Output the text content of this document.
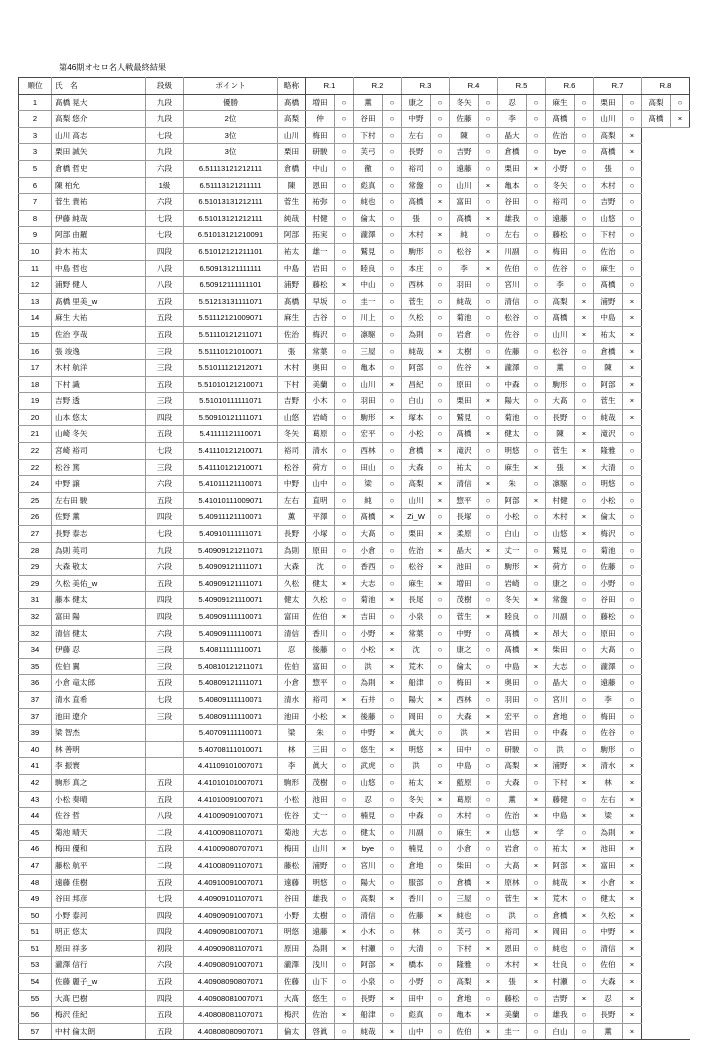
第46期オセロ名人戦最終結果
順位	氏　名	段級	ポイント	略称	R.1		R.2		R.3		R.4		R.5		R.6		R.7		R.8	
1	髙橋 晃大	九段	優勝	髙橋	増田	○	薫	○	康之	○	冬矢	○	忍	○	麻生	○	栗田	○	高梨	○
2	高梨 悠介	九段	2位	高梨	仲	○	谷田	○	中野	○	佐藤	○	李	○	髙橋	○	山川	○	髙橋	×
3	山川 高志	七段	3位	山川	梅田	○	下村	○	左右	○	陳	○	晶大	○	佐治	○	高梨	×		
3	栗田 誠矢	九段	3位	栗田	研駿	○	芙弓	○	長野	○	吉野	○	倉橋	○	bye	○	髙橋	×		
5	倉橋 哲史	六段	6.51113121212111	倉橋	中山	○	徹	○	裕司	○	遠藤	○	栗田	×	小野	○	張	○		
6	陳 柏允	1級	6.51113121211111	陳	恩田	○	彪真	○	常盤	○	山川	×	亀本	○	冬矢	○	木村	○		
7	菅生 貴祐	六段	6.51013131212111	菅生	祐弥	○	純也	○	高橋	×	富田	○	谷田	○	裕司	○	吉野	○		
8	伊藤 純哉	七段	6.51013121212111	純哉	村健	○	倫太	○	張	○	高橋	×	雄我	○	遠藤	○	山悠	○		
9	阿部 由羅	七段	6.51013121210091	阿部	拓実	○	瀧澤	○	木村	×	純	○	左右	○	藤松	○	下村	○		
10	鈴木 祐太	四段	6.51012121211101	祐太	雄一	○	鷲見	○	駒形	○	松谷	×	川副	○	梅田	○	佐治	○		
11	中島 哲也	八段	6.50913121111111	中島	岩田	○	睦良	○	本庄	○	李	×	佐伯	○	佐谷	○	麻生	○		
12	浦野 健人	八段	6.50912111111101	浦野	藤松	×	中山	○	西林	○	羽田	○	宮川	○	李	○	髙橋	○		
13	髙橋 里美_w	五段	5.51213131111071	髙橋	早坂	○	圭一	○	菅生	○	純哉	○	清信	○	高梨	×	浦野	×		
14	麻生 大祐	五段	5.51112121009071	麻生	古谷	○	川上	○	久松	○	菊池	○	松谷	○	髙橋	×	中島	×		
15	佐治 亨哉	五段	5.51110121211071	佐治	梅沢	○	凛駆	○	為則	○	岩倉	○	佐谷	○	山川	×	祐太	×		
16	張 竣逸	三段	5.51110121010071	張	常葉	○	三屋	○	純哉	×	太樹	○	佐藤	○	松谷	○	倉橋	×		
17	木村 航洋	三段	5.51011121212071	木村	奥田	○	亀本	○	阿部	○	佐谷	×	瀧澤	○	薫	○	陳	×		
18	下村 識	五段	5.51010121210071	下村	美蘭	○	山川	×	昌紀	○	原田	○	中森	○	駒形	○	阿部	×		
19	吉野 透	三段	5.51010111111071	吉野	小木	○	羽田	○	白山	○	栗田	×	陽大	○	大髙	○	菅生	×		
20	山本 悠太	四段	5.50910121111071	山悠	岩崎	○	駒形	×	塚本	○	鷲見	○	菊池	○	長野	○	純哉	×		
21	山崎 冬矢	五段	5.41111121110071	冬矢	葛原	○	宏平	○	小松	○	髙橋	×	健太	○	陳	×	滝沢	○		
22	宮崎 裕司	七段	5.41110121210071	裕司	清水	○	西林	○	倉橋	×	滝沢	○	明悠	○	菅生	×	隆雅	○		
22	松谷 篤	三段	5.41110121210071	松谷	荷方	○	田山	○	大森	○	祐太	○	麻生	×	張	×	大清	○		
24	中野 譲	六段	5.41011121110071	中野	山中	○	梁	○	高梨	×	清信	×	朱	○	凛駆	○	明悠	○		
25	左右田 駿	五段	5.41010111009071	左右	直明	○	純	○	山川	×	惣平	○	阿部	×	村健	○	小松	○		
26	佐野 薫	四段	5.40911121110071	薫	平澤	○	髙橋	×	Zi_W	○	長塚	○	小松	○	木村	×	倫太	○		
27	長野 泰志	七段	5.40910111111071	長野	小塚	○	大髙	○	栗田	×	柔原	○	白山	○	山悠	×	梅沢	○		
28	為則 英司	九段	5.40909121211071	為則	原田	○	小倉	○	佐治	×	晶大	×	丈一	○	鷲見	○	菊池	○		
29	大森 敬太	六段	5.40909121111071	大森	沈	○	香西	○	松谷	×	池田	○	駒形	×	荷方	○	佐藤	○		
29	久松 美佑_w	五段	5.40909121111071	久松	健太	×	大志	○	麻生	×	増田	○	岩崎	○	康之	○	小野	○		
31	藤本 健太	四段	5.40909121110071	健太	久松	○	菊池	×	長尾	○	茂樹	○	冬矢	×	常盤	○	谷田	○		
32	富田 陽	四段	5.40909111110071	富田	佐伯	×	吉田	○	小泉	○	菅生	×	睦良	○	川副	○	藤松	○		
32	清信 健太	六段	5.40909111110071	清信	香川	○	小野	×	常葉	○	中野	○	髙橋	×	昂大	○	原田	○		
34	伊藤 忍	三段	5.40811111110071	忍	後藤	○	小松	×	沈	○	康之	○	髙橋	×	柴田	○	大髙	○		
35	佐伯 翼	三段	5.40810121211071	佐伯	富田	○	洪	×	荒木	○	倫太	○	中島	×	大志	○	瀧澤	○		
36	小倉 竜太郎	五段	5.40809121111071	小倉	惣平	○	為則	×	船津	○	梅田	×	奥田	○	晶大	○	遠藤	○		
37	清水 直希	七段	5.40809111110071	清水	裕司	×	石井	○	陽大	×	西林	○	羽田	○	宮川	○	李	○		
37	池田 遼介	三段	5.40809111110071	池田	小松	×	後藤	○	岡田	○	大森	×	宏平	○	倉地	○	梅田	○		
39	梁 智杰		5.40709111110071	梁	朱	○	中野	×	眞大	○	洪	×	岩田	○	中森	○	佐谷	○		
40	林 善明		5.40708111010071	林	三田	○	悠生	×	明悠	×	田中	○	研駿	○	洪	○	駒形	○		
41	李 振寰		4.41109101007071	李	眞大	○	武虎	○	洪	○	中島	○	高梨	×	浦野	×	清水	×		
42	駒形 真之	五段	4.41010101007071	駒形	茂樹	○	山悠	○	祐太	×	藍原	○	大森	○	下村	×	林	×		
43	小松 奏晴	五段	4.41010091007071	小松	池田	○	忍	○	冬矢	×	葛原	○	薫	×	藤健	○	左右	×		
44	佐谷 哲	八段	4.41009091007071	佐谷	丈一	○	楠見	○	中森	○	木村	○	佐治	×	中島	×	梁	×		
45	菊池 晴天	二段	4.41009081107071	菊池	大志	○	健太	○	川副	○	麻生	×	山悠	×	学	○	為則	×		
46	梅田 優和	五段	4.41009080707071	梅田	山川	×	bye	○	楠見	○	小倉	○	岩倉	○	祐太	×	池田	×		
47	藤松 航平	二段	4.41008091107071	藤松	浦野	○	宮川	○	倉地	○	柴田	○	大髙	×	阿部	×	富田	×		
48	遠藤 佳樹	五段	4.40910091007071	遠藤	明悠	○	陽大	○	服部	○	倉橋	×	原林	○	純哉	×	小倉	×		
49	谷田 邦彦	七段	4.40909101107071	谷田	雄我	○	高梨	×	香川	○	三屋	○	菅生	×	荒木	○	健太	×		
50	小野 泰河	四段	4.40909091007071	小野	太樹	○	清信	○	佐藤	×	純也	○	洪	○	倉橋	×	久松	×		
51	明正 悠太	四段	4.40909081007071	明悠	遠藤	×	小木	○	林	○	芙弓	○	裕司	×	岡田	○	中野	×		
51	原田 祥多	初段	4.40909081107071	原田	為則	×	村瀬	○	大清	○	下村	×	恩田	○	純也	○	清信	×		
53	瀧澤 信行	六段	4.40908091007071	瀧澤	浅川	○	阿部	×	橋本	○	隆雅	○	木村	×	壮良	○	佐伯	×		
54	佐藤 麗子_w	五段	4.40908090807071	佐藤	山下	○	小泉	○	小野	○	高梨	×	張	×	村瀬	○	大森	×		
55	大髙 巴樹	四段	4.40908081007071	大髙	悠生	○	長野	×	田中	○	倉地	○	藤松	○	吉野	×	忍	×		
56	梅沢 佳紀	五段	4.40808081107071	梅沢	佐治	×	船津	○	彪真	○	亀本	×	美蘭	○	雄我	○	長野	×		
57	中村 倫太朗	五段	4.40808080907071	倫太	啓眞	○	純哉	×	山中	○	佐伯	×	圭一	○	白山	○	薫	×		
